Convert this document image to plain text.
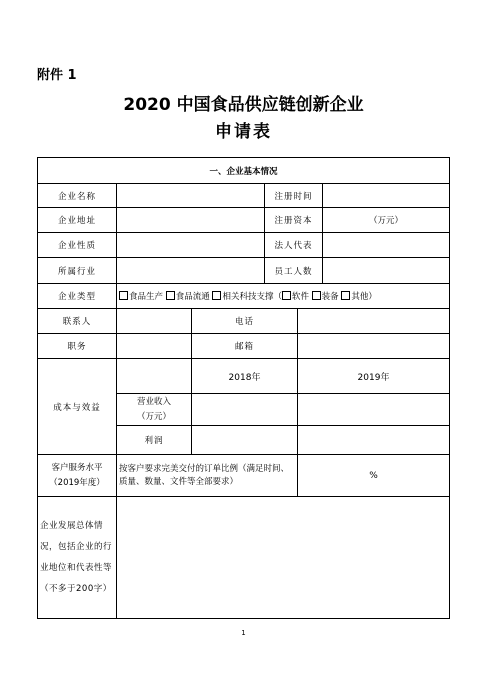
附件 1
2020 中国食品供应链创新企业
申请表
一、企业基本情况					
企业名称			注册时间		
企业地址			注册资本		（万元）
企业性质			法人代表		
所属行业			员工人数		
企业类型	食品生产 食品流通 相关科技支撑（ 软件 装备 其他）				
联系人		电话			
职务		邮箱			
成本与效益		2018年		2019年	
	营业收入
（万元）				
	利润				
客户服务水平
（2019年度）	按客户要求完美交付的订单比例（满足时间、质量、数量、文件等全部要求）			%	
企业发展总体情
况，包括企业的行
业地位和代表性等
（不多于200字）					
1
